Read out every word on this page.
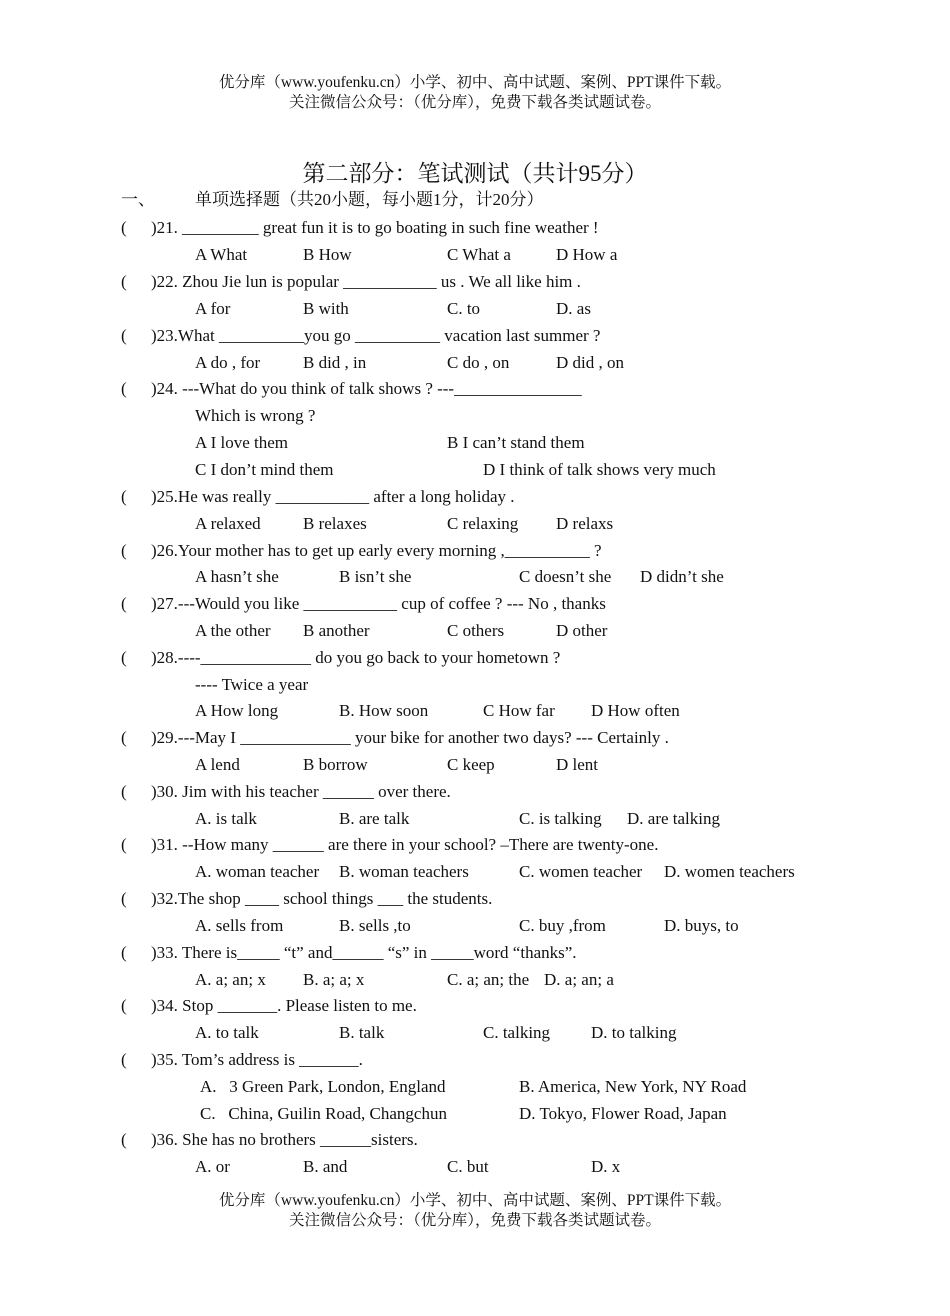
优分库（www.youfenku.cn）小学、初中、高中试题、案例、PPT课件下载。
关注微信公众号：（优分库），免费下载各类试题试卷。
第二部分：笔试测试（共计95分）
一、 单项选择题（共20小题，每小题1分，计20分）
( )21. _________ great fun it is to go boating in such fine weather !
A What	B How	C What a	D How a
( )22. Zhou Jie lun is popular ___________ us . We all like him .
A for	B with	C. to	D. as
( )23.What __________you go __________ vacation last summer ?
A do , for	B did , in	C do , on	D did , on
( )24. ---What do you think of talk shows ? ---_______________
Which is wrong ?
A I love them	B I can’t stand them
C I don’t mind them	D I think of talk shows very much
( )25.He was really ___________ after a long holiday .
A relaxed B relaxes	C relaxing D relaxs
( )26.Your mother has to get up early every morning ,__________ ?
A hasn’t she	B isn’t she	C doesn’t she D didn’t she
( )27.---Would you like ___________ cup of coffee ? --- No , thanks
A the other B another	C others	D other
( )28.----_____________ do you go back to your hometown ?
---- Twice a year
A How long	B. How soon	C How far D How often
( )29.---May I _____________ your bike for another two days? --- Certainly .
A lend	B borrow	C keep	D lent
( )30. Jim with his teacher ______ over there.
A. is talk	B. are talk	C. is talking D. are talking
( )31. --How many ______ are there in your school? –There are twenty-one.
A. woman teacher B. woman teachers	C. women teacher D. women teachers
( )32.The shop ____ school things ___ the students.
A. sells from	B. sells ,to	C. buy ,from	D. buys, to
( )33. There is_____ “t” and______ “s” in _____word “thanks”.
A. a; an; x B. a; a; x	C. a; an; the D. a; an; a
( )34. Stop _______. Please listen to me.
A. to talk	B. talk	C. talking D. to talking
( )35. Tom’s address is _______.
A.   3 Green Park, London, England	B. America, New York, NY Road
C.   China, Guilin Road, Changchun	D. Tokyo, Flower Road, Japan
( )36. She has no brothers ______sisters.
A. or	B. and	C. but	D. x
优分库（www.youfenku.cn）小学、初中、高中试题、案例、PPT课件下载。
关注微信公众号：（优分库），免费下载各类试题试卷。
